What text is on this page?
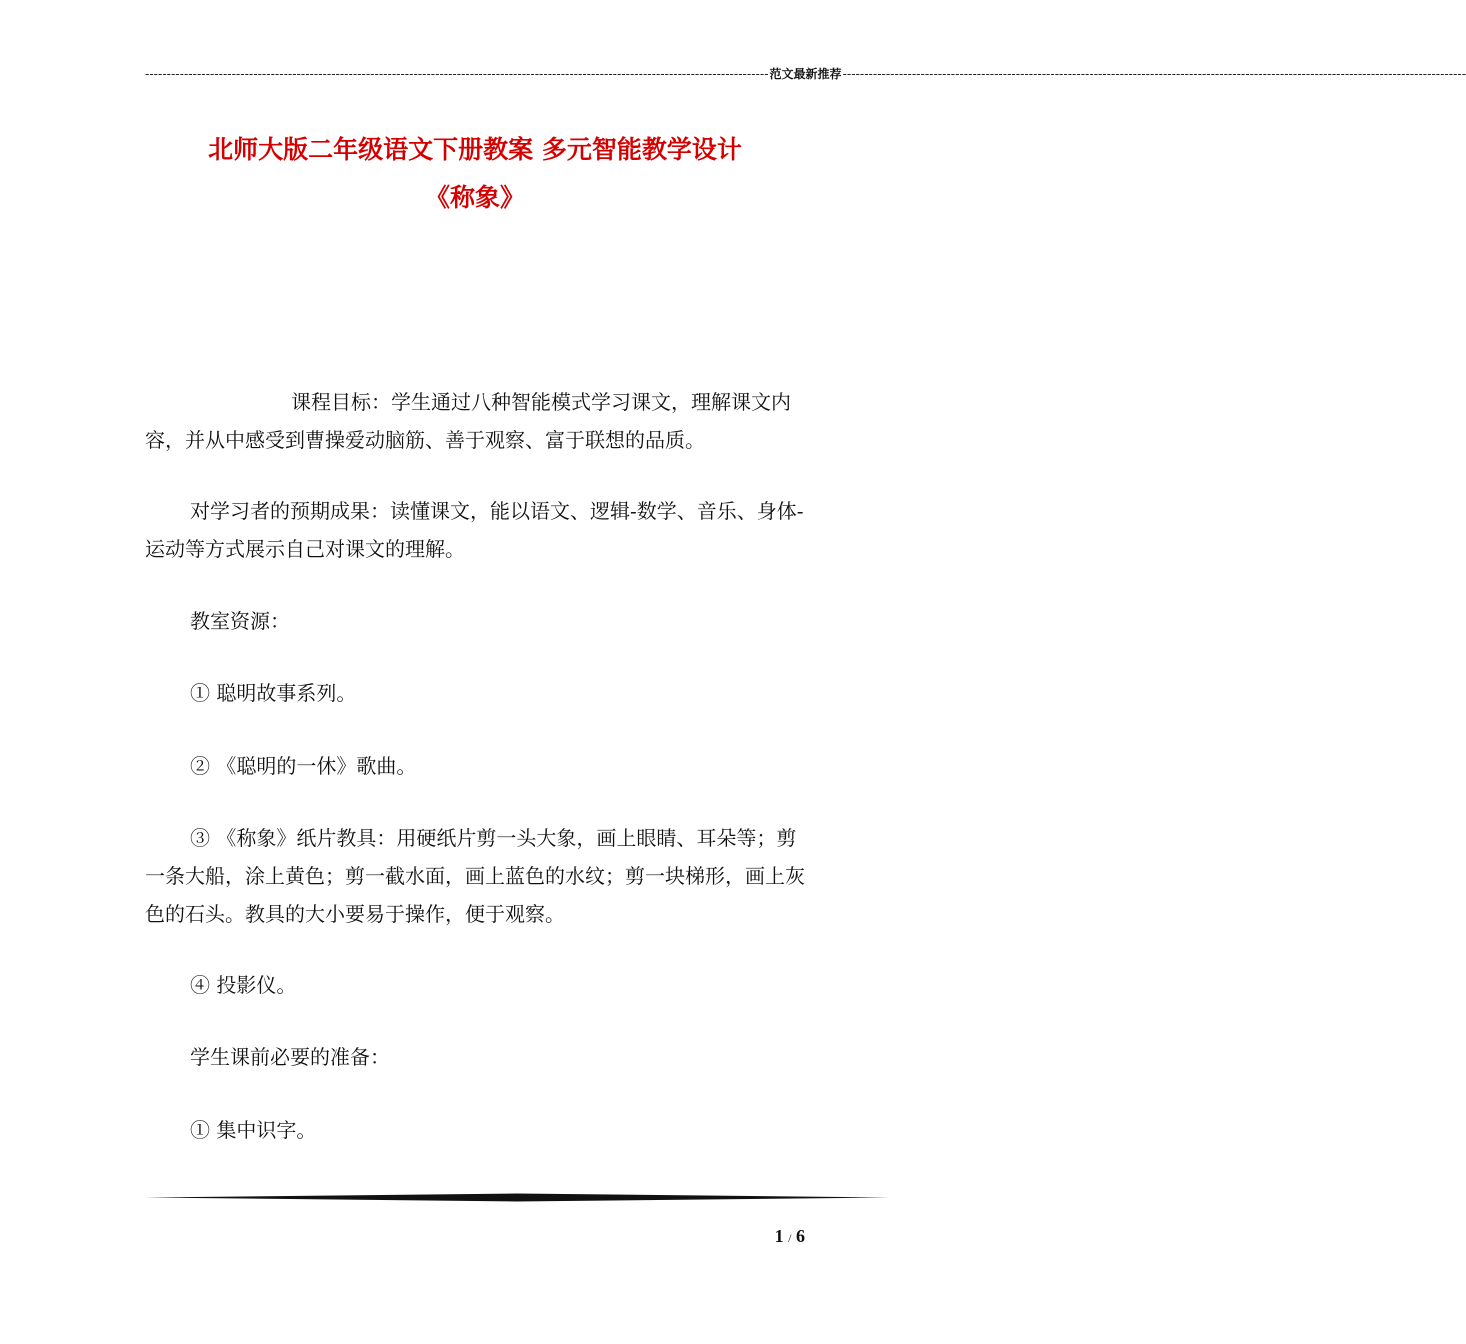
------------------------------------------------------------------------------------------------------------------------------------------------ 范文最新推荐 ------------------------------------------------------------------------------------------------------------------------------------------------
北师大版二年级语文下册教案 多元智能教学设计
《称象》
课程目标：学生通过八种智能模式学习课文，理解课文内容，并从中感受到曹操爱动脑筋、善于观察、富于联想的品质。
对学习者的预期成果：读懂课文，能以语文、逻辑-数学、音乐、身体-运动等方式展示自己对课文的理解。
教室资源：
① 聪明故事系列。
② 《聪明的一休》歌曲。
③ 《称象》纸片教具：用硬纸片剪一头大象，画上眼睛、耳朵等；剪一条大船，涂上黄色；剪一截水面，画上蓝色的水纹；剪一块梯形，画上灰色的石头。教具的大小要易于操作，便于观察。
④ 投影仪。
学生课前必要的准备：
① 集中识字。
1 / 6
